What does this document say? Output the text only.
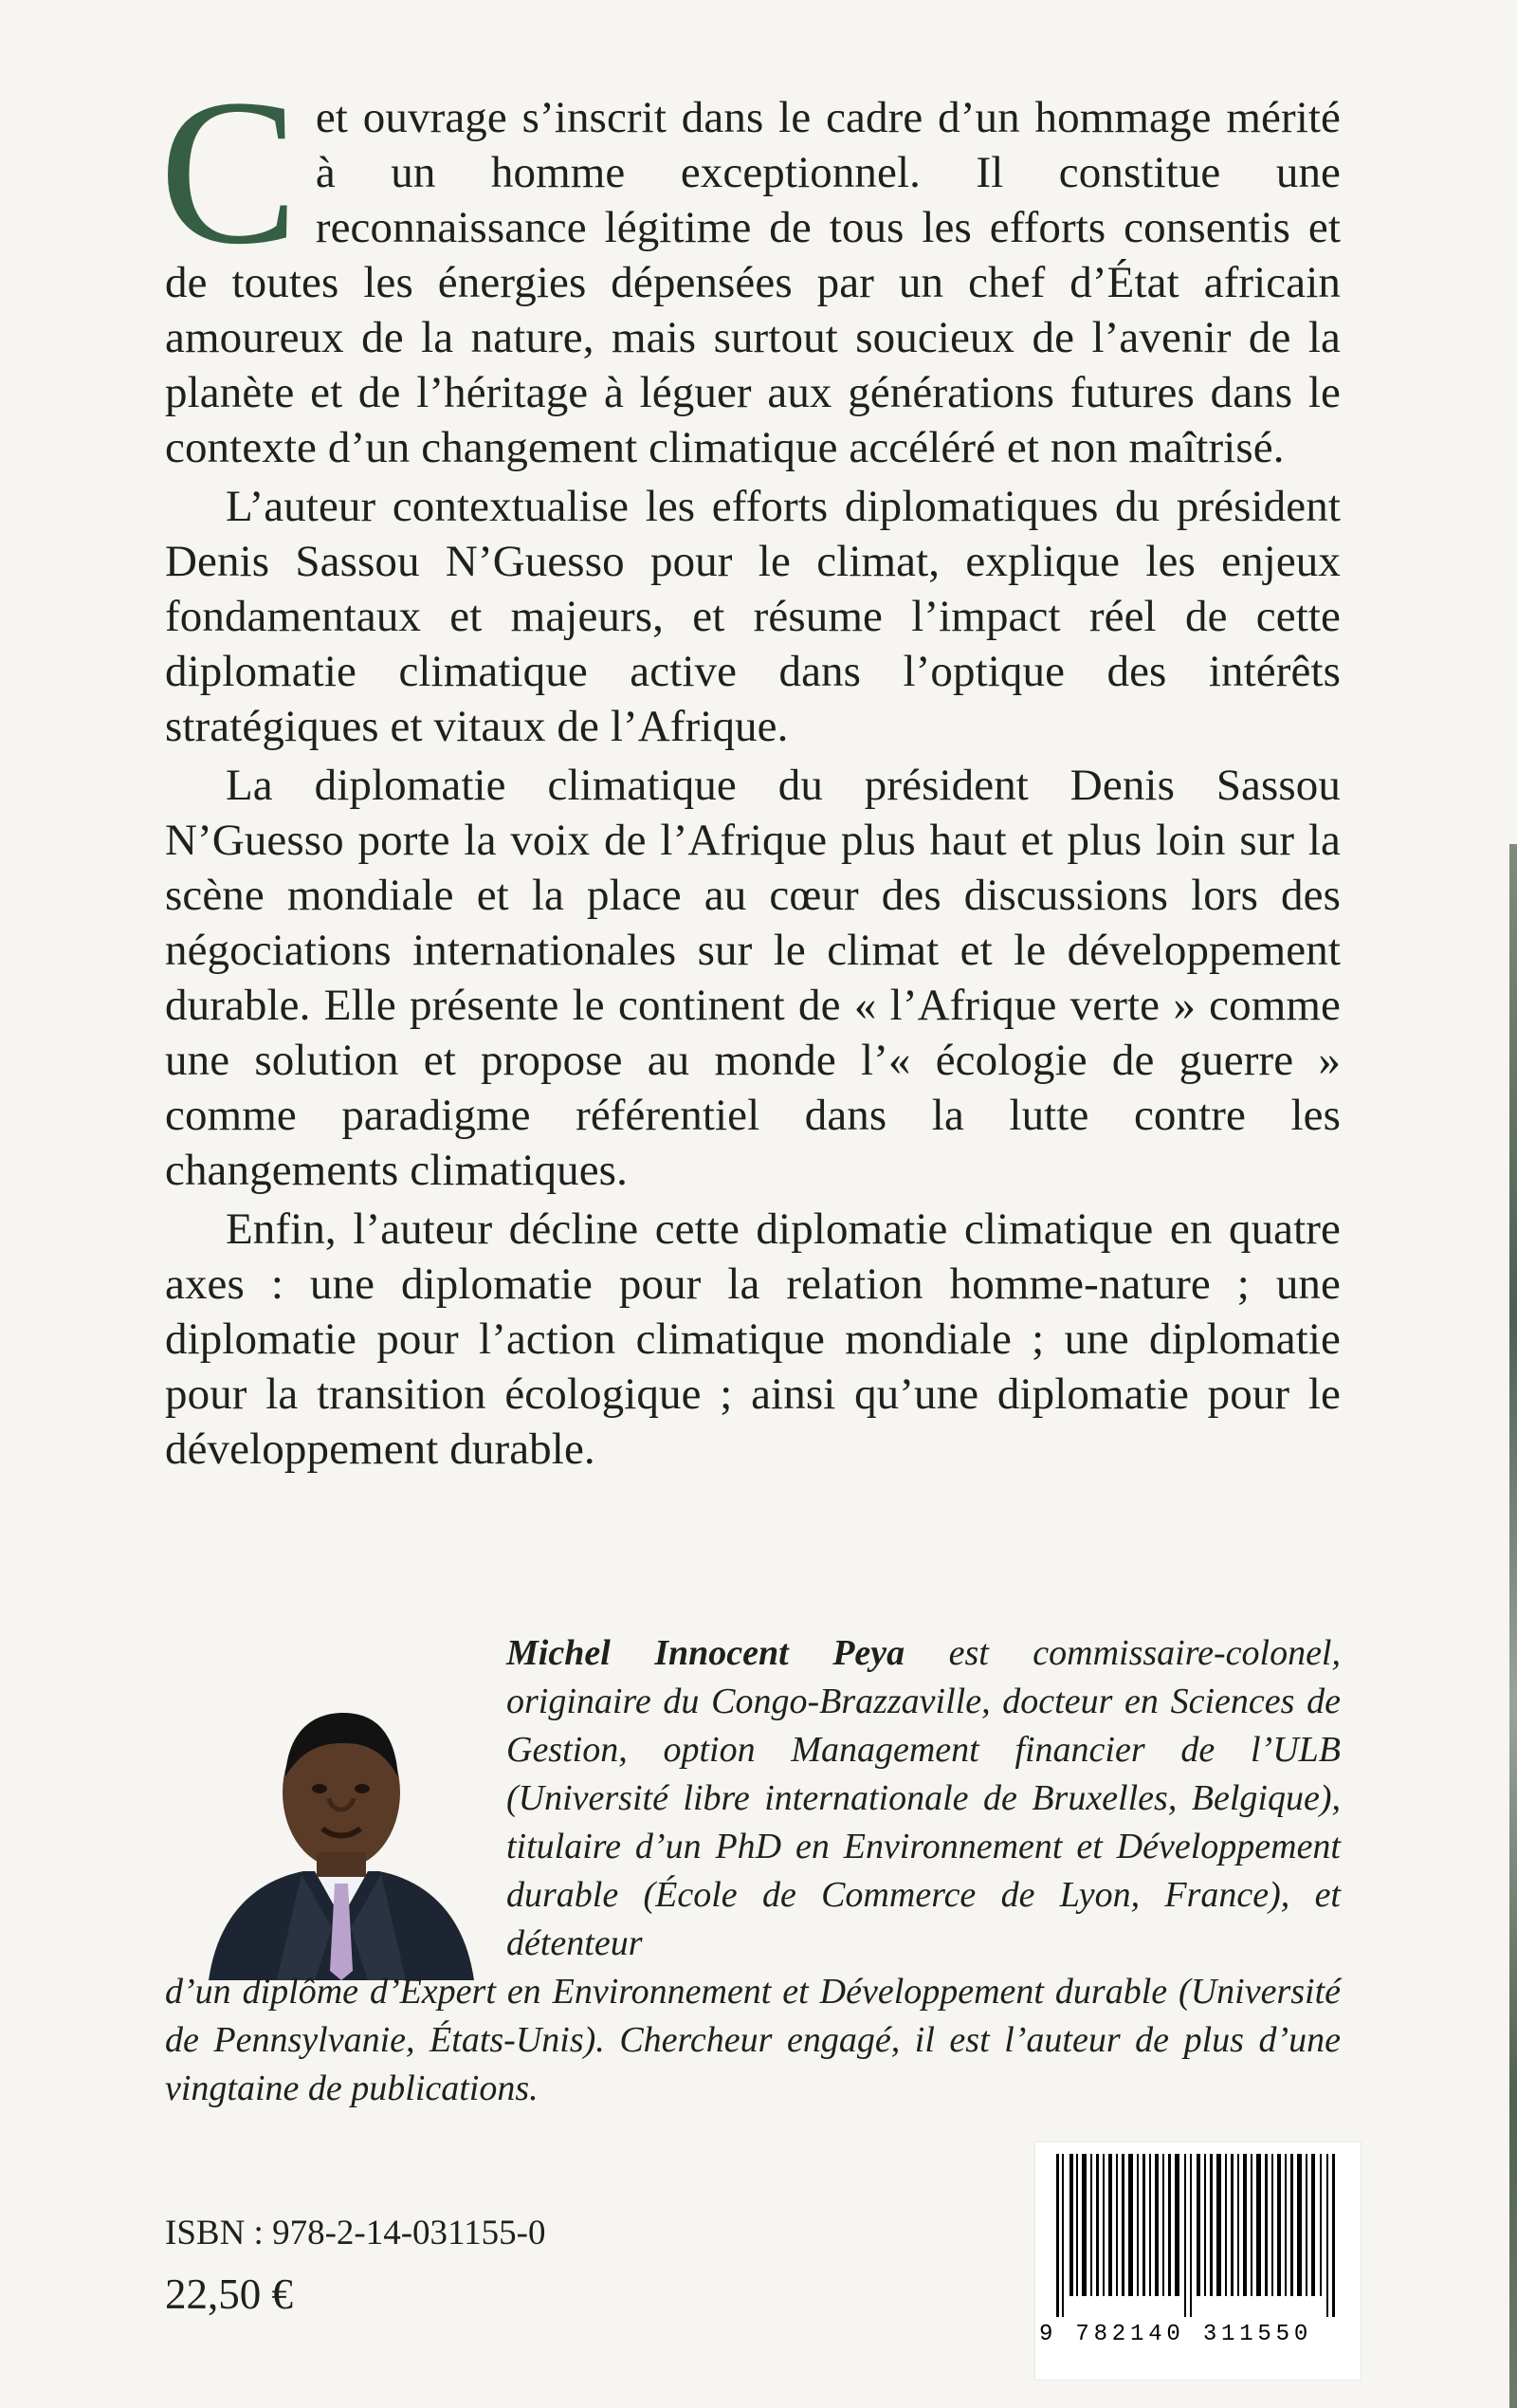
Cet ouvrage s’inscrit dans le cadre d’un hommage mérité à un homme exceptionnel. Il constitue une reconnaissance légitime de tous les efforts consentis et de toutes les énergies dépensées par un chef d’État africain amoureux de la nature, mais surtout soucieux de l’avenir de la planète et de l’héritage à léguer aux générations futures dans le contexte d’un changement climatique accéléré et non maîtrisé.

L’auteur contextualise les efforts diplomatiques du président Denis Sassou N’Guesso pour le climat, explique les enjeux fondamentaux et majeurs, et résume l’impact réel de cette diplomatie climatique active dans l’optique des intérêts stratégiques et vitaux de l’Afrique.

La diplomatie climatique du président Denis Sassou N’Guesso porte la voix de l’Afrique plus haut et plus loin sur la scène mondiale et la place au cœur des discussions lors des négociations internationales sur le climat et le développement durable. Elle présente le continent de « l’Afrique verte » comme une solution et propose au monde l’« écologie de guerre » comme paradigme référentiel dans la lutte contre les changements climatiques.

Enfin, l’auteur décline cette diplomatie climatique en quatre axes : une diplomatie pour la relation homme-nature ; une diplomatie pour l’action climatique mondiale ; une diplomatie pour la transition écologique ; ainsi qu’une diplomatie pour le développement durable.

Michel Innocent Peya est commissaire-colonel, originaire du Congo-Brazzaville, docteur en Sciences de Gestion, option Management financier de l’ULB (Université libre internationale de Bruxelles, Belgique), titulaire d’un PhD en Environnement et Développement durable (École de Commerce de Lyon, France), et détenteur
d’un diplôme d’Expert en Environnement et Développement durable (Université de Pennsylvanie, États-Unis). Chercheur engagé, il est l’auteur de plus d’une vingtaine de publications.
ISBN : 978-2-14-031155-0
22,50 €
9 782140 311550
